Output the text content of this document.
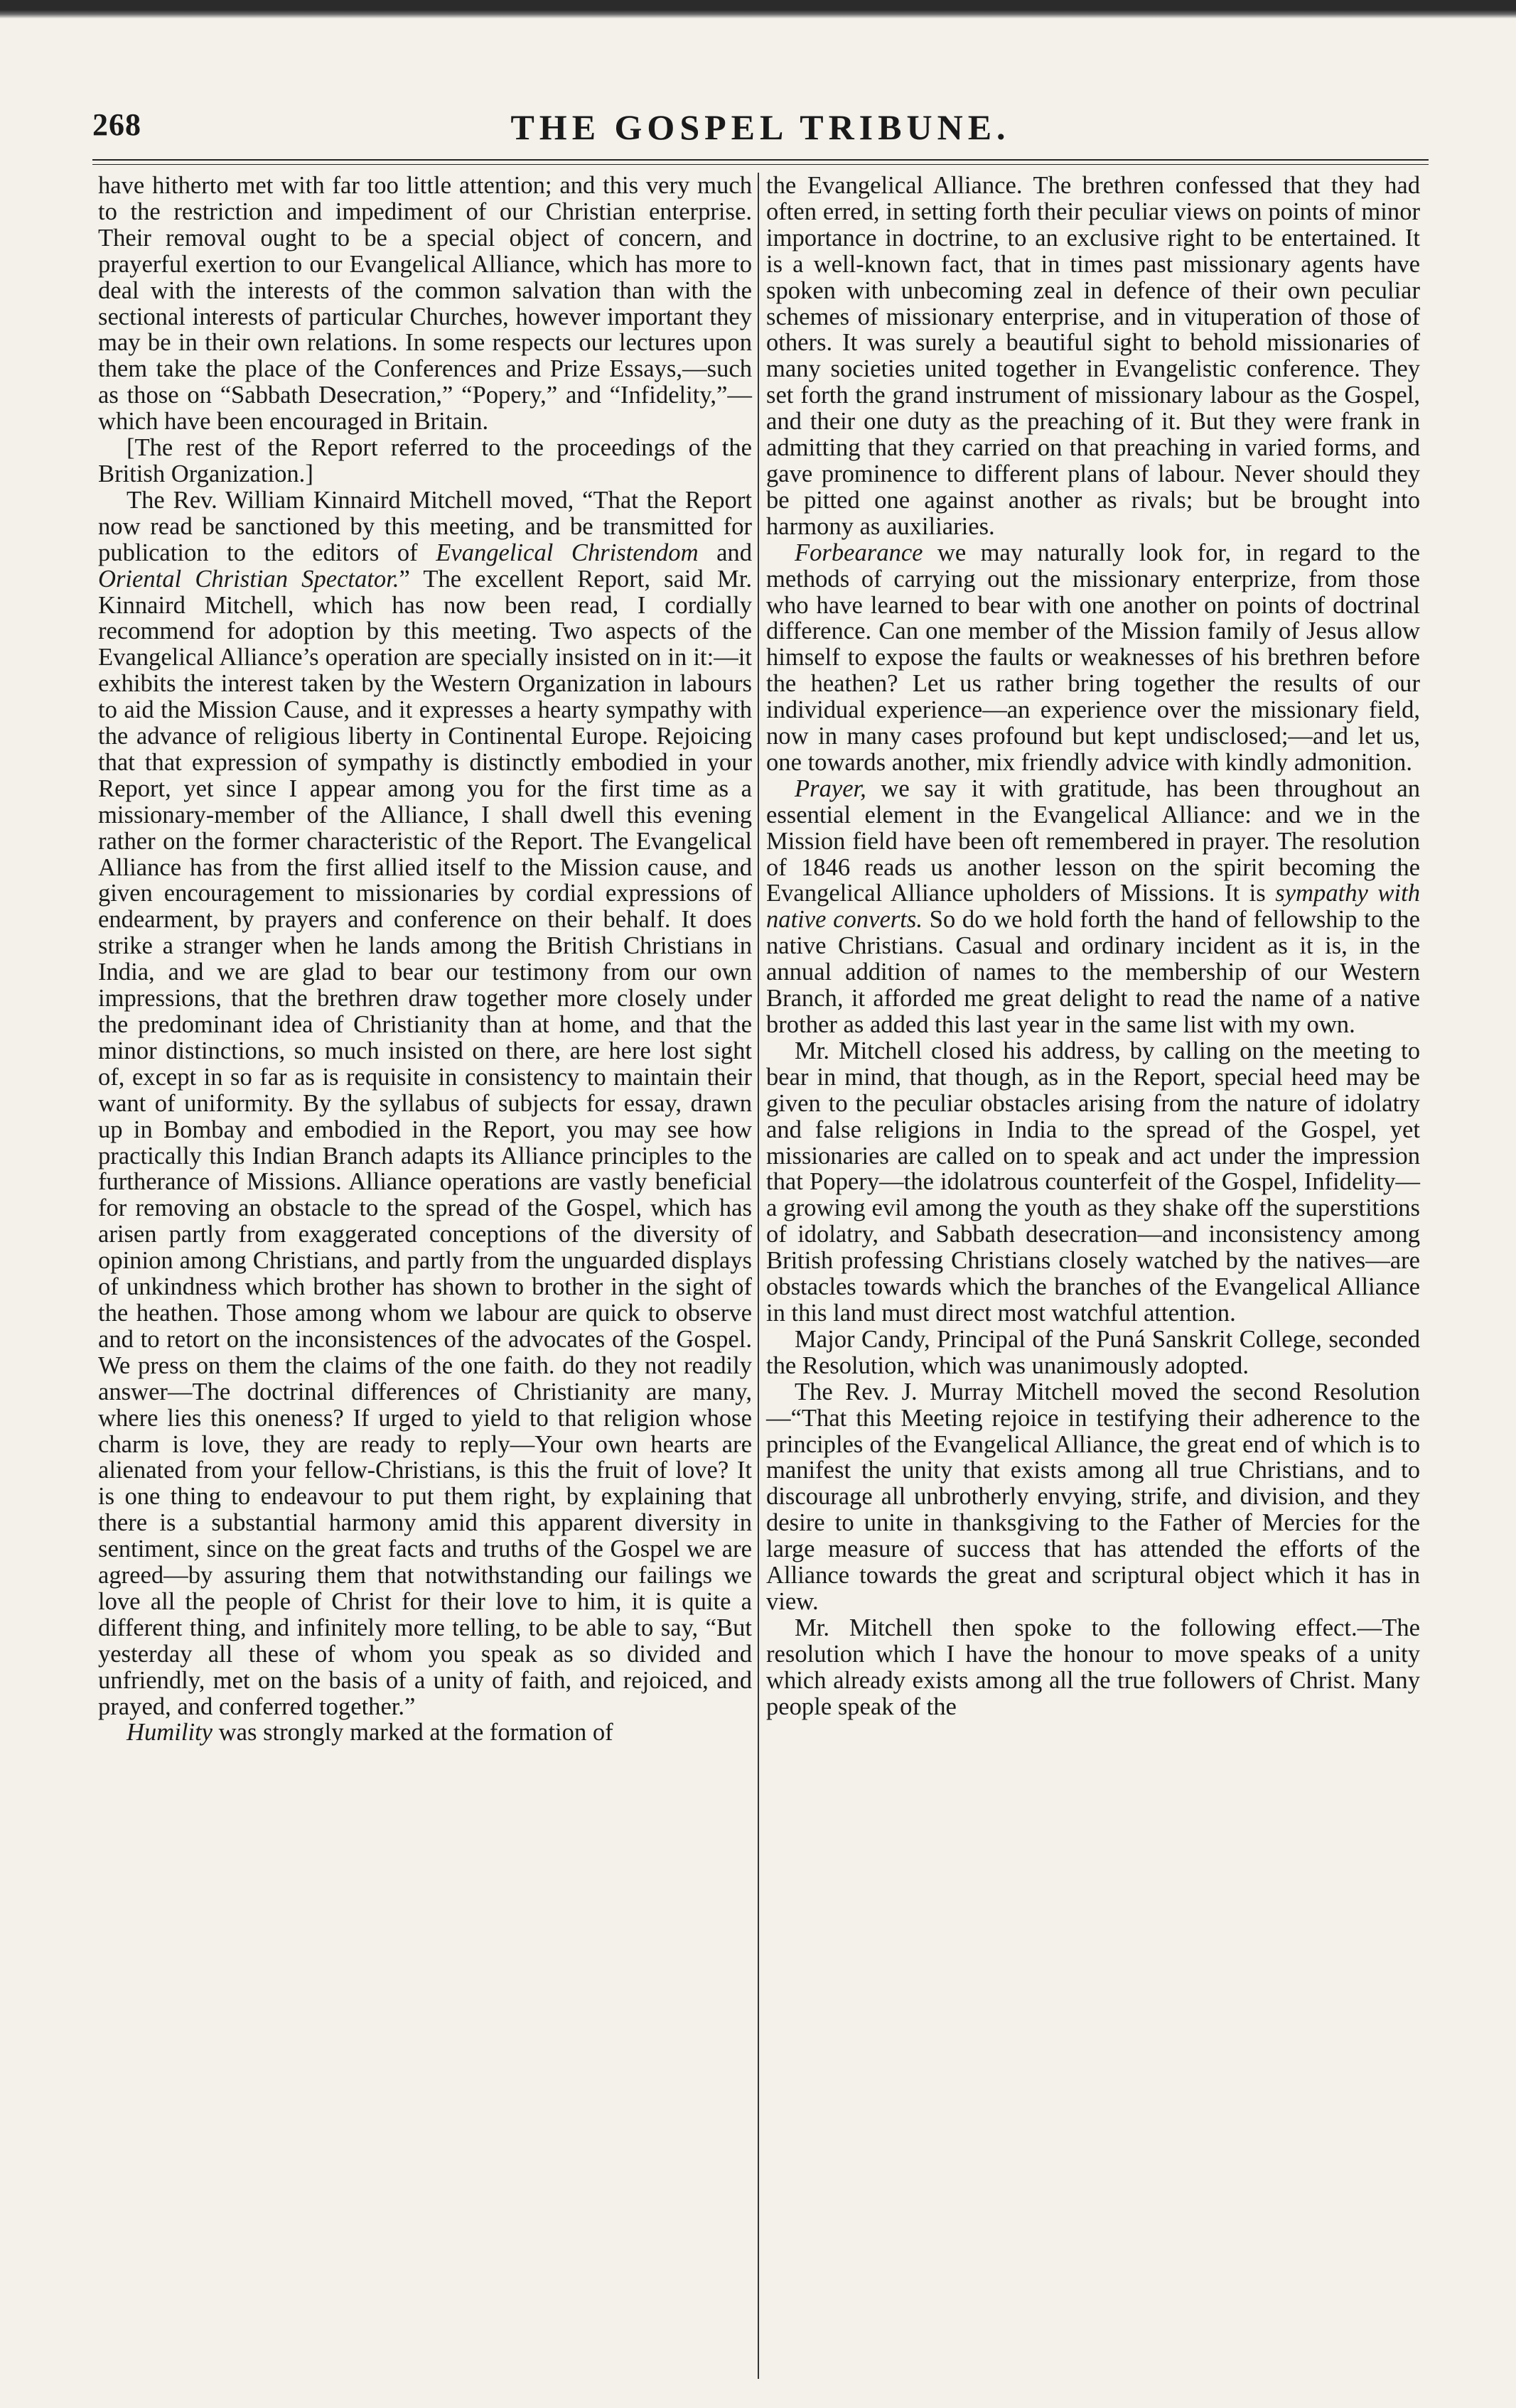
THE GOSPEL TRIBUNE.
268

have hitherto met with far too little attention; and this very much to the restriction and impediment of our Christian enterprise. Their removal ought to be a special object of concern, and prayerful exertion to our Evangelical Alliance, which has more to deal with the interests of the common salvation than with the sectional interests of particular Churches, however important they may be in their own relations. In some respects our lectures upon them take the place of the Conferences and Prize Essays,—such as those on “Sabbath Desecration,” “Popery,” and “Infidelity,”—which have been encouraged in Britain.

[The rest of the Report referred to the proceedings of the British Organization.]

The Rev. William Kinnaird Mitchell moved, “That the Report now read be sanctioned by this meeting, and be transmitted for publication to the editors of Evangelical Christendom and Oriental Christian Spectator.” The excellent Report, said Mr. Kinnaird Mitchell, which has now been read, I cordially recommend for adoption by this meeting. Two aspects of the Evangelical Alliance’s operation are specially insisted on in it:—it exhibits the interest taken by the Western Organization in labours to aid the Mission Cause, and it expresses a hearty sympathy with the advance of religious liberty in Continental Europe. Rejoicing that that expression of sympathy is distinctly embodied in your Report, yet since I appear among you for the first time as a missionary-member of the Alliance, I shall dwell this evening rather on the former characteristic of the Report. The Evangelical Alliance has from the first allied itself to the Mission cause, and given encouragement to missionaries by cordial expressions of endearment, by prayers and conference on their behalf. It does strike a stranger when he lands among the British Christians in India, and we are glad to bear our testimony from our own impressions, that the brethren draw together more closely under the predominant idea of Christianity than at home, and that the minor distinctions, so much insisted on there, are here lost sight of, except in so far as is requisite in consistency to maintain their want of uniformity. By the syllabus of subjects for essay, drawn up in Bombay and embodied in the Report, you may see how practically this Indian Branch adapts its Alliance principles to the furtherance of Missions. Alliance operations are vastly beneficial for removing an obstacle to the spread of the Gospel, which has arisen partly from exaggerated conceptions of the diversity of opinion among Christians, and partly from the unguarded displays of unkindness which brother has shown to brother in the sight of the heathen. Those among whom we labour are quick to observe and to retort on the inconsistences of the advocates of the Gospel. We press on them the claims of the one faith. do they not readily answer—The doctrinal differences of Christianity are many, where lies this oneness? If urged to yield to that religion whose charm is love, they are ready to reply—Your own hearts are alienated from your fellow-Christians, is this the fruit of love? It is one thing to endeavour to put them right, by explaining that there is a substantial harmony amid this apparent diversity in sentiment, since on the great facts and truths of the Gospel we are agreed—by assuring them that notwithstanding our failings we love all the people of Christ for their love to him, it is quite a different thing, and infinitely more telling, to be able to say, “But yesterday all these of whom you speak as so divided and unfriendly, met on the basis of a unity of faith, and rejoiced, and prayed, and conferred together.”

Humility was strongly marked at the formation of

the Evangelical Alliance. The brethren confessed that they had often erred, in setting forth their peculiar views on points of minor importance in doctrine, to an exclusive right to be entertained. It is a well-known fact, that in times past missionary agents have spoken with unbecoming zeal in defence of their own peculiar schemes of missionary enterprise, and in vituperation of those of others. It was surely a beautiful sight to behold missionaries of many societies united together in Evangelistic conference. They set forth the grand instrument of missionary labour as the Gospel, and their one duty as the preaching of it. But they were frank in admitting that they carried on that preaching in varied forms, and gave prominence to different plans of labour. Never should they be pitted one against another as rivals; but be brought into harmony as auxiliaries.

Forbearance we may naturally look for, in regard to the methods of carrying out the missionary enterprize, from those who have learned to bear with one another on points of doctrinal difference. Can one member of the Mission family of Jesus allow himself to expose the faults or weaknesses of his brethren before the heathen? Let us rather bring together the results of our individual experience—an experience over the missionary field, now in many cases profound but kept undisclosed;—and let us, one towards another, mix friendly advice with kindly admonition.

Prayer, we say it with gratitude, has been throughout an essential element in the Evangelical Alliance: and we in the Mission field have been oft remembered in prayer. The resolution of 1846 reads us another lesson on the spirit becoming the Evangelical Alliance upholders of Missions. It is sympathy with native converts. So do we hold forth the hand of fellowship to the native Christians. Casual and ordinary incident as it is, in the annual addition of names to the membership of our Western Branch, it afforded me great delight to read the name of a native brother as added this last year in the same list with my own.

Mr. Mitchell closed his address, by calling on the meeting to bear in mind, that though, as in the Report, special heed may be given to the peculiar obstacles arising from the nature of idolatry and false religions in India to the spread of the Gospel, yet missionaries are called on to speak and act under the impression that Popery—the idolatrous counterfeit of the Gospel, Infidelity—a growing evil among the youth as they shake off the superstitions of idolatry, and Sabbath desecration—and inconsistency among British professing Christians closely watched by the natives—are obstacles towards which the branches of the Evangelical Alliance in this land must direct most watchful attention.

Major Candy, Principal of the Puná Sanskrit College, seconded the Resolution, which was unanimously adopted.

The Rev. J. Murray Mitchell moved the second Resolution—“That this Meeting rejoice in testifying their adherence to the principles of the Evangelical Alliance, the great end of which is to manifest the unity that exists among all true Christians, and to discourage all unbrotherly envying, strife, and division, and they desire to unite in thanksgiving to the Father of Mercies for the large measure of success that has attended the efforts of the Alliance towards the great and scriptural object which it has in view.

Mr. Mitchell then spoke to the following effect.—The resolution which I have the honour to move speaks of a unity which already exists among all the true followers of Christ. Many people speak of the
